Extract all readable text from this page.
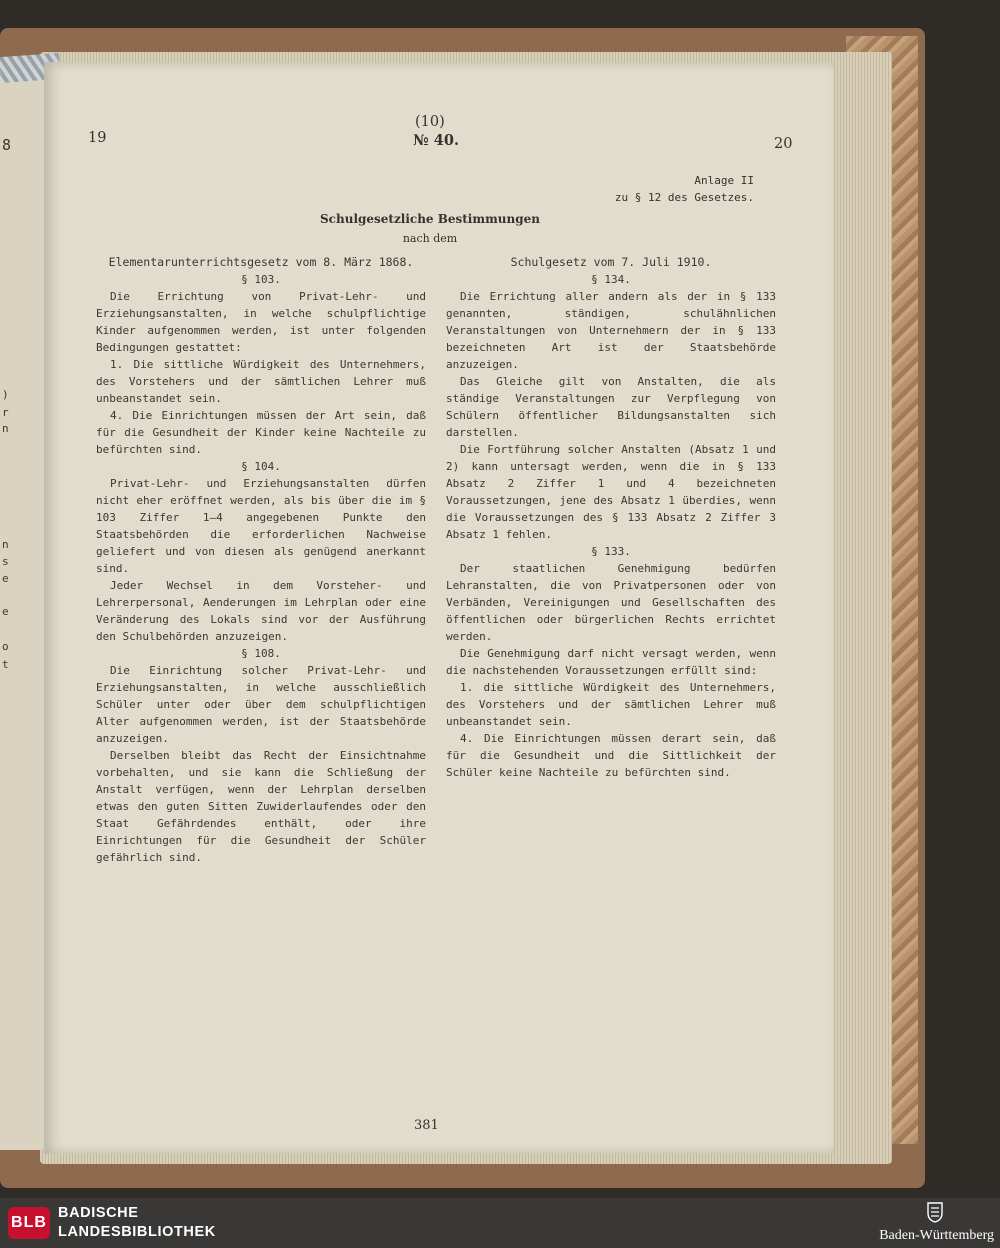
8
)
r
n
n
s
e
e
o
t
(10)
№ 40.
19	20
Anlage II
zu § 12 des Gesetzes.
Schulgesetzliche Bestimmungen
nach dem

Elementarunterrichtsgesetz vom 8. März 1868.

§ 103.

Die Errichtung von Privat-Lehr- und Erziehungsanstalten, in welche schulpflichtige Kinder aufgenommen werden, ist unter folgenden Bedingungen gestattet:

1. Die sittliche Würdigkeit des Unternehmers, des Vorstehers und der sämtlichen Lehrer muß unbeanstandet sein.

4. Die Einrichtungen müssen der Art sein, daß für die Gesundheit der Kinder keine Nachteile zu befürchten sind.

§ 104.

Privat-Lehr- und Erziehungsanstalten dürfen nicht eher eröffnet werden, als bis über die im § 103 Ziffer 1—4 angegebenen Punkte den Staatsbehörden die erforderlichen Nachweise geliefert und von diesen als genügend anerkannt sind.

Jeder Wechsel in dem Vorsteher- und Lehrerpersonal, Aenderungen im Lehrplan oder eine Veränderung des Lokals sind vor der Ausführung den Schulbehörden anzuzeigen.

§ 108.

Die Einrichtung solcher Privat-Lehr- und Erziehungsanstalten, in welche ausschließlich Schüler unter oder über dem schulpflichtigen Alter aufgenommen werden, ist der Staatsbehörde anzuzeigen.

Derselben bleibt das Recht der Einsichtnahme vorbehalten, und sie kann die Schließung der Anstalt verfügen, wenn der Lehrplan derselben etwas den guten Sitten Zuwiderlaufendes oder den Staat Gefährdendes enthält, oder ihre Einrichtungen für die Gesundheit der Schüler gefährlich sind.

Schulgesetz vom 7. Juli 1910.

§ 134.

Die Errichtung aller andern als der in § 133 genannten, ständigen, schulähnlichen Veranstaltungen von Unternehmern der in § 133 bezeichneten Art ist der Staatsbehörde anzuzeigen.

Das Gleiche gilt von Anstalten, die als ständige Veranstaltungen zur Verpflegung von Schülern öffentlicher Bildungsanstalten sich darstellen.

Die Fortführung solcher Anstalten (Absatz 1 und 2) kann untersagt werden, wenn die in § 133 Absatz 2 Ziffer 1 und 4 bezeichneten Voraussetzungen, jene des Absatz 1 überdies, wenn die Voraussetzungen des § 133 Absatz 2 Ziffer 3 Absatz 1 fehlen.

§ 133.

Der staatlichen Genehmigung bedürfen Lehranstalten, die von Privatpersonen oder von Verbänden, Vereinigungen und Gesellschaften des öffentlichen oder bürgerlichen Rechts errichtet werden.

Die Genehmigung darf nicht versagt werden, wenn die nachstehenden Voraussetzungen erfüllt sind:

1. die sittliche Würdigkeit des Unternehmers, des Vorstehers und der sämtlichen Lehrer muß unbeanstandet sein.

4. Die Einrichtungen müssen derart sein, daß für die Gesundheit und die Sittlichkeit der Schüler keine Nachteile zu befürchten sind.

381
BLB
BADISCHE
LANDESBIBLIOTHEK	Baden-Württemberg
